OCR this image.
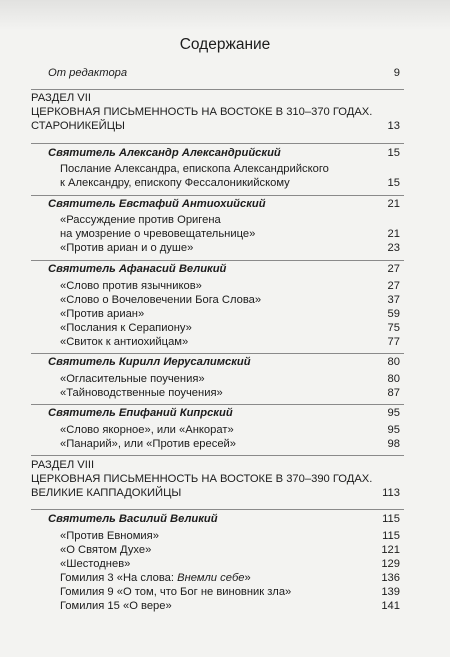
Содержание
От редактора	9
РАЗДЕЛ VII
ЦЕРКОВНАЯ ПИСЬМЕННОСТЬ НА ВОСТОКЕ В 310–370 ГОДАХ.
СТАРОНИКЕЙЦЫ	13
Святитель Александр Александрийский	15
Послание Александра, епископа Александрийского
к Александру, епископу Фессалоникийскому	15
Святитель Евстафий Антиохийский	21
«Рассуждение против Оригена
на умозрение о чревовещательнице»	21
«Против ариан и о душе»	23
Святитель Афанасий Великий	27
«Слово против язычников»	27
«Слово о Вочеловечении Бога Слова»	37
«Против ариан»	59
«Послания к Серапиону»	75
«Свиток к антиохийцам»	77
Святитель Кирилл Иерусалимский	80
«Огласительные поучения»	80
«Тайноводственные поучения»	87
Святитель Епифаний Кипрский	95
«Слово якорное», или «Анкорат»	95
«Панарий», или «Против ересей»	98
РАЗДЕЛ VIII
ЦЕРКОВНАЯ ПИСЬМЕННОСТЬ НА ВОСТОКЕ В 370–390 ГОДАХ.
ВЕЛИКИЕ КАППАДОКИЙЦЫ	113
Святитель Василий Великий	115
«Против Евномия»	115
«О Святом Духе»	121
«Шестоднев»	129
Гомилия 3 «На слова: Внемли себе»	136
Гомилия 9 «О том, что Бог не виновник зла»	139
Гомилия 15 «О вере»	141
